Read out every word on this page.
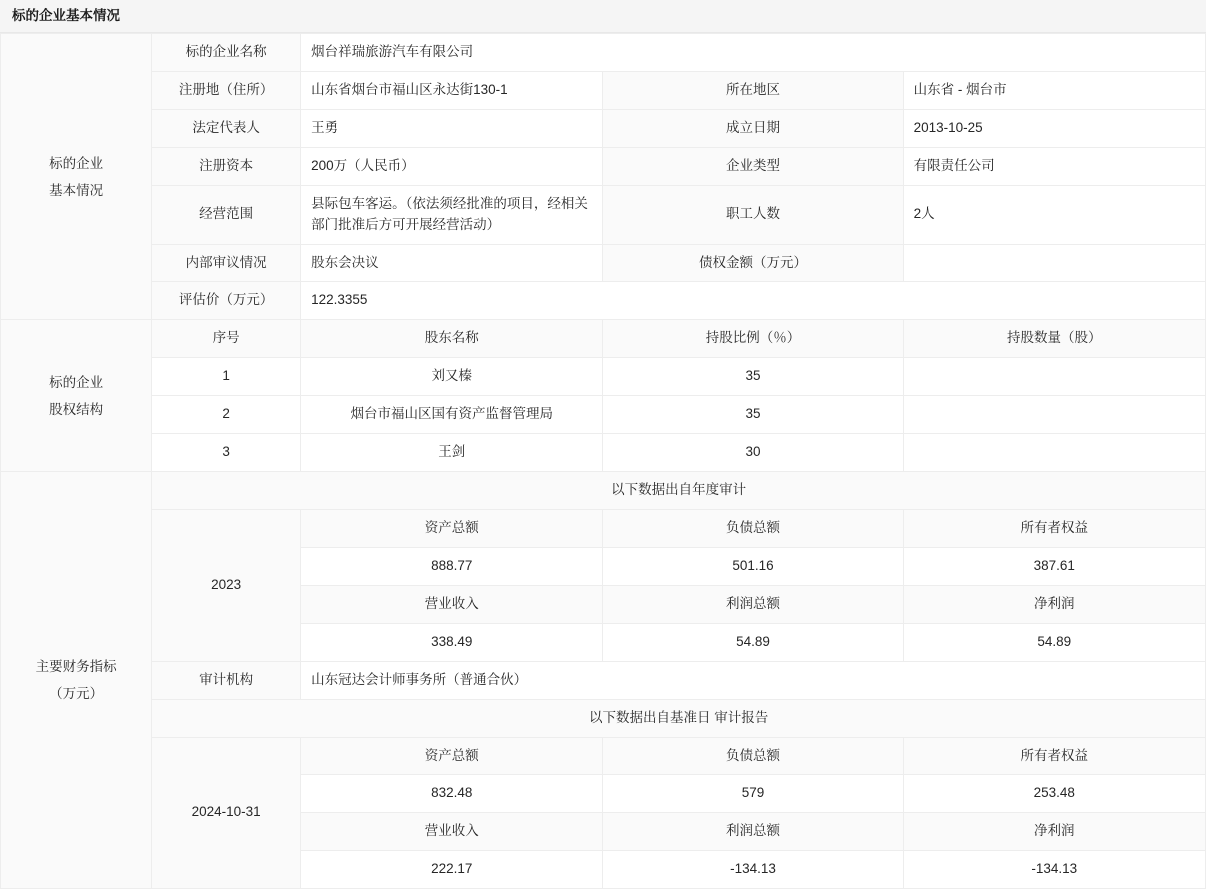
标的企业基本情况
标的企业
基本情况	标的企业名称	烟台祥瑞旅游汽车有限公司		
	注册地（住所）	山东省烟台市福山区永达街130-1	所在地区	山东省 - 烟台市
	法定代表人	王勇	成立日期	2013-10-25
	注册资本	200万（人民币）	企业类型	有限责任公司
	经营范围	县际包车客运。（依法须经批准的项目，经相关部门批准后方可开展经营活动）	职工人数	2人
	内部审议情况	股东会决议	债权金额（万元）	
	评估价（万元）	122.3355		

标的企业
股权结构	序号	股东名称	持股比例（％）	持股数量（股）
	1	刘又榛	35	
	2	烟台市福山区国有资产监督管理局	35	
	3	王剑	30	

主要财务指标
（万元）	以下数据出自年度审计			
	2023	资产总额	负债总额	所有者权益
		888.77	501.16	387.61
		营业收入	利润总额	净利润
		338.49	54.89	54.89
	审计机构	山东冠达会计师事务所（普通合伙）		
	以下数据出自基准日 审计报告			
	2024-10-31	资产总额	负债总额	所有者权益
		832.48	579	253.48
		营业收入	利润总额	净利润
		222.17	-134.13	-134.13
